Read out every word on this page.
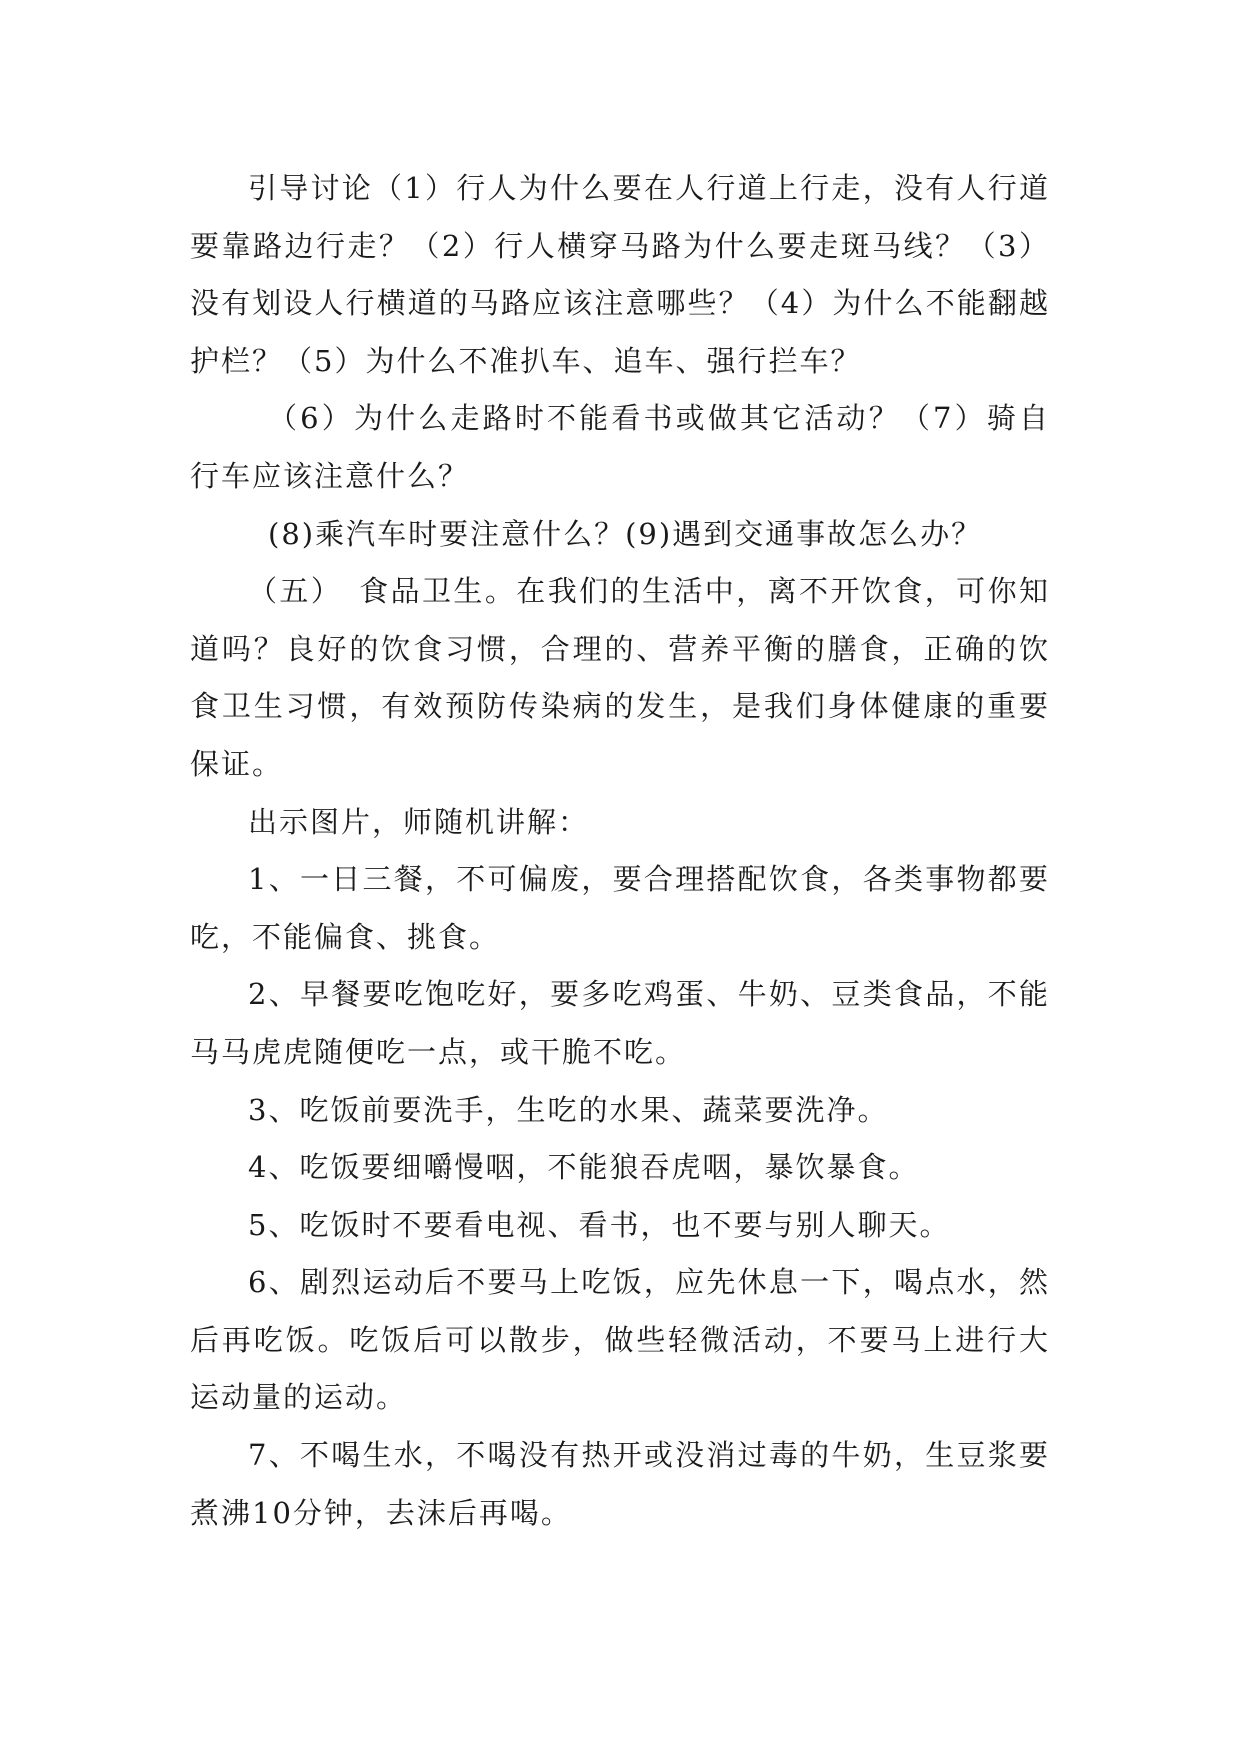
引导讨论（1）行人为什么要在人行道上行走，没有人行道要靠路边行走？（2）行人横穿马路为什么要走斑马线？（3）没有划设人行横道的马路应该注意哪些？（4）为什么不能翻越护栏？（5）为什么不准扒车、追车、强行拦车？

（6）为什么走路时不能看书或做其它活动？（7）骑自行车应该注意什么？

(8)乘汽车时要注意什么？(9)遇到交通事故怎么办？

（五）　食品卫生。在我们的生活中，离不开饮食，可你知道吗？良好的饮食习惯，合理的、营养平衡的膳食，正确的饮食卫生习惯，有效预防传染病的发生，是我们身体健康的重要保证。

出示图片，师随机讲解：

1、一日三餐，不可偏废，要合理搭配饮食，各类事物都要吃，不能偏食、挑食。

2、早餐要吃饱吃好，要多吃鸡蛋、牛奶、豆类食品，不能马马虎虎随便吃一点，或干脆不吃。

3、吃饭前要洗手，生吃的水果、蔬菜要洗净。

4、吃饭要细嚼慢咽，不能狼吞虎咽，暴饮暴食。

5、吃饭时不要看电视、看书，也不要与别人聊天。

6、剧烈运动后不要马上吃饭，应先休息一下，喝点水，然后再吃饭。吃饭后可以散步，做些轻微活动，不要马上进行大运动量的运动。

7、不喝生水，不喝没有热开或没消过毒的牛奶，生豆浆要煮沸10分钟，去沫后再喝。
